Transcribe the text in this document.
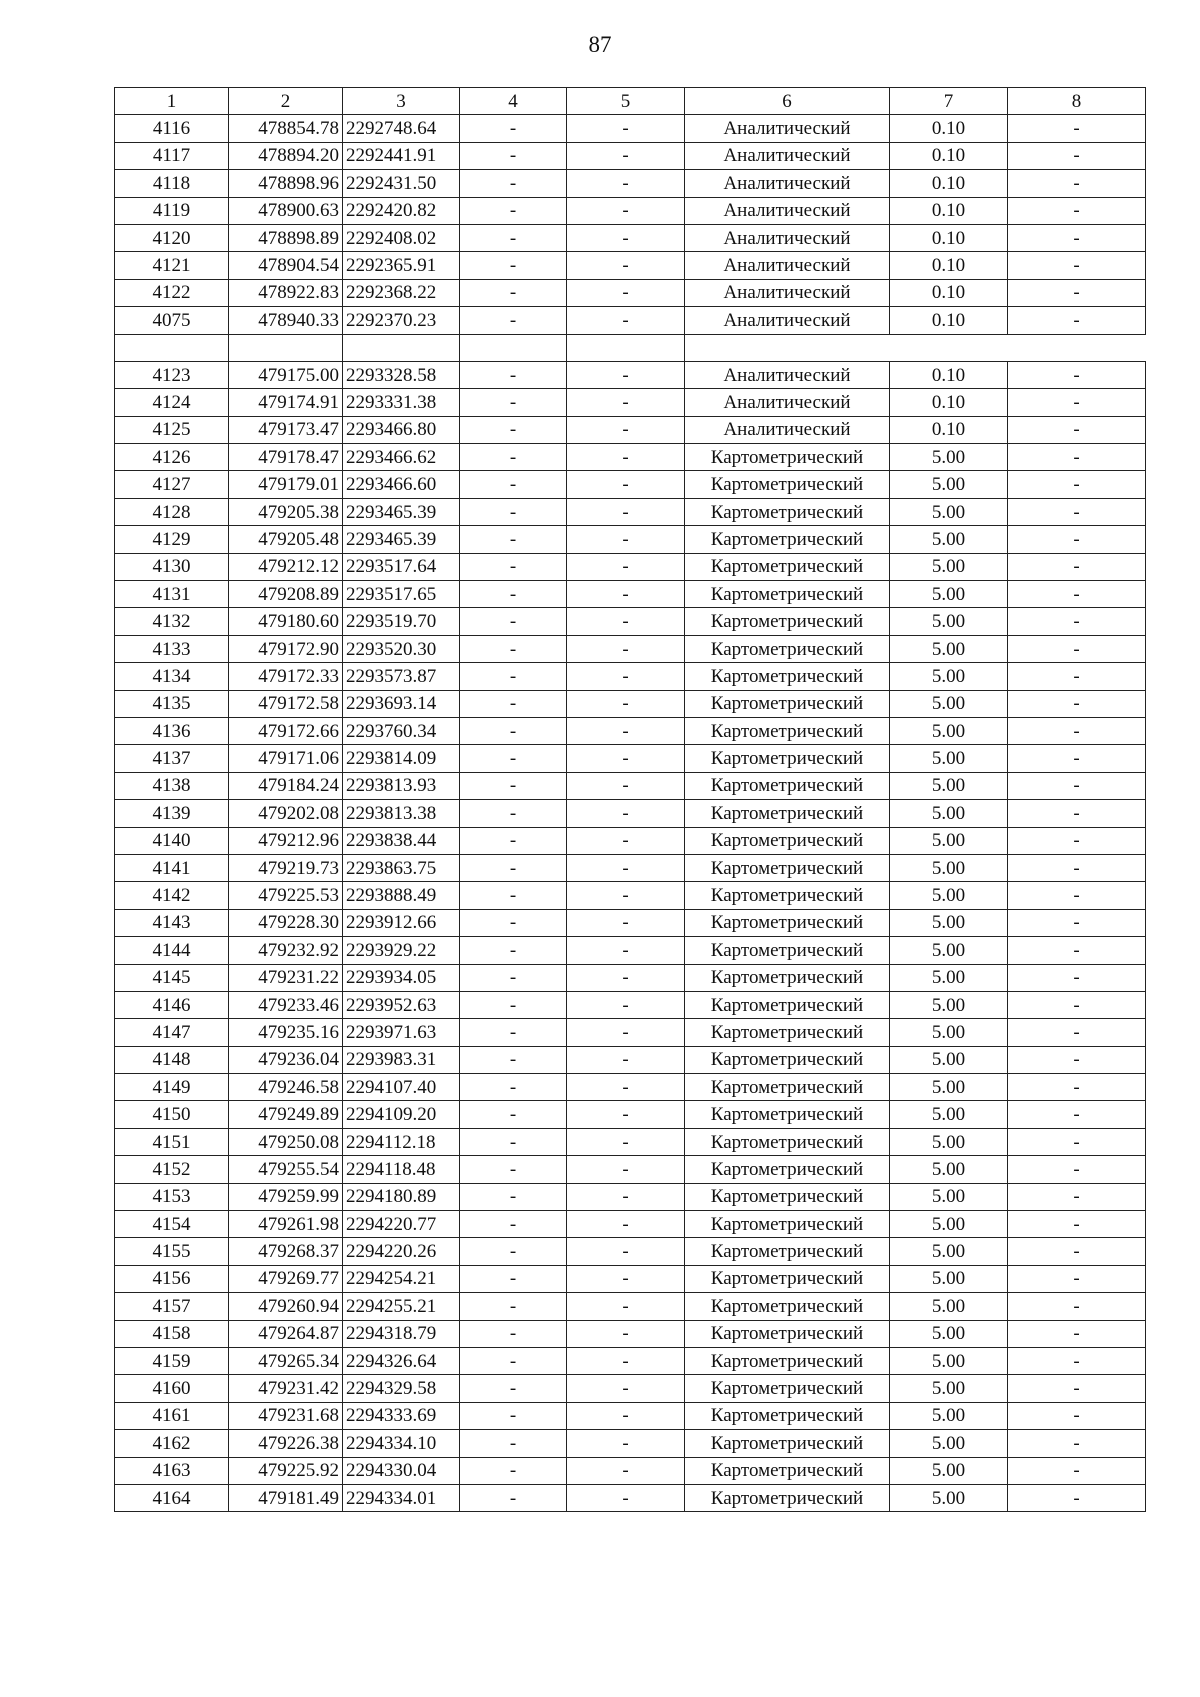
87
1	2	3	4	5	6	7	8
4116	478854.78	2292748.64	-	-	Аналитический	0.10	-
4117	478894.20	2292441.91	-	-	Аналитический	0.10	-
4118	478898.96	2292431.50	-	-	Аналитический	0.10	-
4119	478900.63	2292420.82	-	-	Аналитический	0.10	-
4120	478898.89	2292408.02	-	-	Аналитический	0.10	-
4121	478904.54	2292365.91	-	-	Аналитический	0.10	-
4122	478922.83	2292368.22	-	-	Аналитический	0.10	-
4075	478940.33	2292370.23	-	-	Аналитический	0.10	-

4123	479175.00	2293328.58	-	-	Аналитический	0.10	-
4124	479174.91	2293331.38	-	-	Аналитический	0.10	-
4125	479173.47	2293466.80	-	-	Аналитический	0.10	-
4126	479178.47	2293466.62	-	-	Картометрический	5.00	-
4127	479179.01	2293466.60	-	-	Картометрический	5.00	-
4128	479205.38	2293465.39	-	-	Картометрический	5.00	-
4129	479205.48	2293465.39	-	-	Картометрический	5.00	-
4130	479212.12	2293517.64	-	-	Картометрический	5.00	-
4131	479208.89	2293517.65	-	-	Картометрический	5.00	-
4132	479180.60	2293519.70	-	-	Картометрический	5.00	-
4133	479172.90	2293520.30	-	-	Картометрический	5.00	-
4134	479172.33	2293573.87	-	-	Картометрический	5.00	-
4135	479172.58	2293693.14	-	-	Картометрический	5.00	-
4136	479172.66	2293760.34	-	-	Картометрический	5.00	-
4137	479171.06	2293814.09	-	-	Картометрический	5.00	-
4138	479184.24	2293813.93	-	-	Картометрический	5.00	-
4139	479202.08	2293813.38	-	-	Картометрический	5.00	-
4140	479212.96	2293838.44	-	-	Картометрический	5.00	-
4141	479219.73	2293863.75	-	-	Картометрический	5.00	-
4142	479225.53	2293888.49	-	-	Картометрический	5.00	-
4143	479228.30	2293912.66	-	-	Картометрический	5.00	-
4144	479232.92	2293929.22	-	-	Картометрический	5.00	-
4145	479231.22	2293934.05	-	-	Картометрический	5.00	-
4146	479233.46	2293952.63	-	-	Картометрический	5.00	-
4147	479235.16	2293971.63	-	-	Картометрический	5.00	-
4148	479236.04	2293983.31	-	-	Картометрический	5.00	-
4149	479246.58	2294107.40	-	-	Картометрический	5.00	-
4150	479249.89	2294109.20	-	-	Картометрический	5.00	-
4151	479250.08	2294112.18	-	-	Картометрический	5.00	-
4152	479255.54	2294118.48	-	-	Картометрический	5.00	-
4153	479259.99	2294180.89	-	-	Картометрический	5.00	-
4154	479261.98	2294220.77	-	-	Картометрический	5.00	-
4155	479268.37	2294220.26	-	-	Картометрический	5.00	-
4156	479269.77	2294254.21	-	-	Картометрический	5.00	-
4157	479260.94	2294255.21	-	-	Картометрический	5.00	-
4158	479264.87	2294318.79	-	-	Картометрический	5.00	-
4159	479265.34	2294326.64	-	-	Картометрический	5.00	-
4160	479231.42	2294329.58	-	-	Картометрический	5.00	-
4161	479231.68	2294333.69	-	-	Картометрический	5.00	-
4162	479226.38	2294334.10	-	-	Картометрический	5.00	-
4163	479225.92	2294330.04	-	-	Картометрический	5.00	-
4164	479181.49	2294334.01	-	-	Картометрический	5.00	-
